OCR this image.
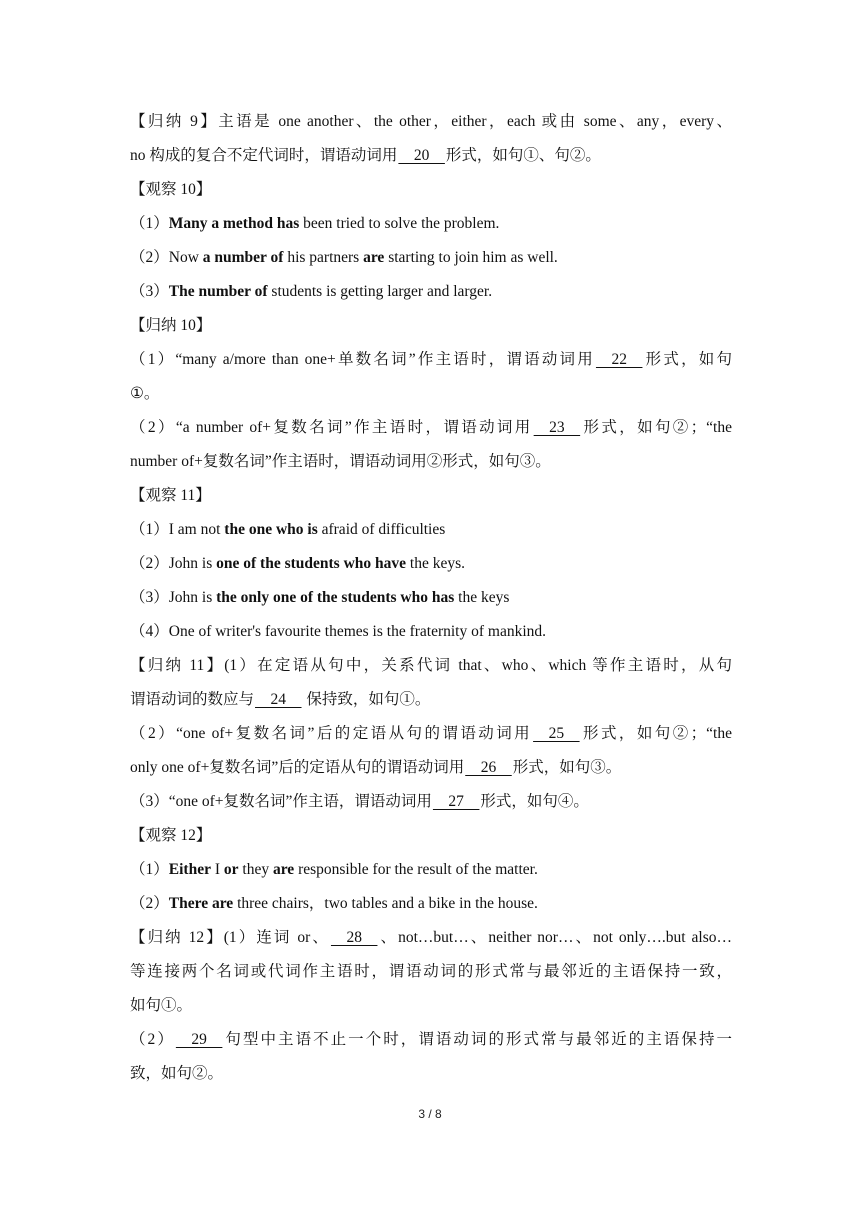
【归纳 9】主语是 one another、the other，either，each 或由 some、any，every、
no 构成的复合不定代词时，谓语动词用    20    形式，如句①、句②。
【观察 10】
（1）Many a method has been tried to solve the problem.
（2）Now a number of his partners are starting to join him as well.
（3）The number of students is getting larger and larger.
【归纳 10】
（1）“many a/more than one+单数名词”作主语时，谓语动词用    22    形式，如句
①。
（2）“a number of+复数名词”作主语时，谓语动词用    23    形式，如句②；“the
number of+复数名词”作主语时，谓语动词用②形式，如句③。
【观察 11】
（1）I am not the one who is afraid of difficulties
（2）John is one of the students who have the keys.
（3）John is the only one of the students who has the keys
（4）One of writer's favourite themes is the fraternity of mankind.
【归纳 11】(1）在定语从句中，关系代词 that、who、which 等作主语时，从句
谓语动词的数应与    24     保持致，如句①。
（2）“one of+复数名词”后的定语从句的谓语动词用    25    形式，如句②；“the
only one of+复数名词”后的定语从句的谓语动词用    26    形式，如句③。
（3）“one of+复数名词”作主语，谓语动词用    27    形式，如句④。
【观察 12】
（1）Either I or they are responsible for the result of the matter.
（2）There are three chairs，two tables and a bike in the house.
【归纳 12】(1）连词 or、    28    、not…but…、neither nor…、not only….but also…
等连接两个名词或代词作主语时，谓语动词的形式常与最邻近的主语保持一致，
如句①。
（2）    29    句型中主语不止一个时，谓语动词的形式常与最邻近的主语保持一
致，如句②。
3 / 8
